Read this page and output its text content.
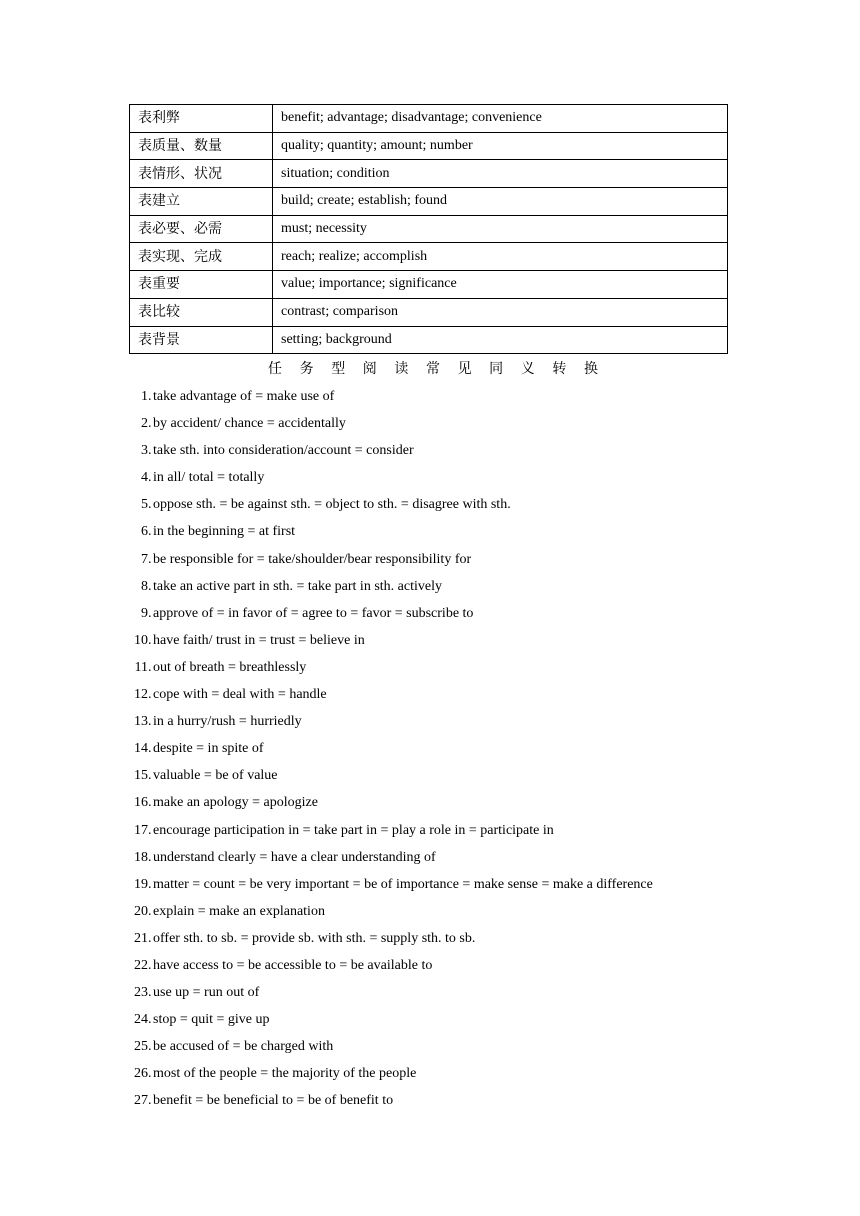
表利弊	benefit; advantage; disadvantage; convenience
表质量、数量	quality; quantity; amount; number
表情形、状况	situation; condition
表建立	build; create; establish; found
表必要、必需	must; necessity
表实现、完成	reach; realize; accomplish
表重要	value; importance; significance
表比较	contrast; comparison
表背景	setting; background
任 务 型 阅 读 常 见 同 义 转 换
1 . take advantage of = make use of
2 . by accident/ chance = accidentally
3 . take sth. into consideration/account = consider
4 . in all/ total = totally
5 . oppose sth. = be against sth. = object to sth. = disagree with sth.
6 . in the beginning = at first
7 . be responsible for = take/shoulder/bear responsibility for
8 . take an active part in sth. = take part in sth. actively
9 . approve of = in favor of = agree to = favor = subscribe to
10 . have faith/ trust in = trust = believe in
11 . out of breath = breathlessly
12 . cope with = deal with = handle
13 . in a hurry/rush = hurriedly
14 . despite = in spite of
15 . valuable = be of value
16 . make an apology = apologize
17 . encourage participation in = take part in = play a role in = participate in
18 . understand clearly = have a clear understanding of
19 . matter = count = be very important = be of importance = make sense = make a difference
20 . explain = make an explanation
21 . offer sth. to sb. = provide sb. with sth. = supply sth. to sb.
22 . have access to = be accessible to = be available to
23 . use up = run out of
24 . stop = quit = give up
25 . be accused of = be charged with
26 . most of the people = the majority of the people
27 . benefit = be beneficial to = be of benefit to
